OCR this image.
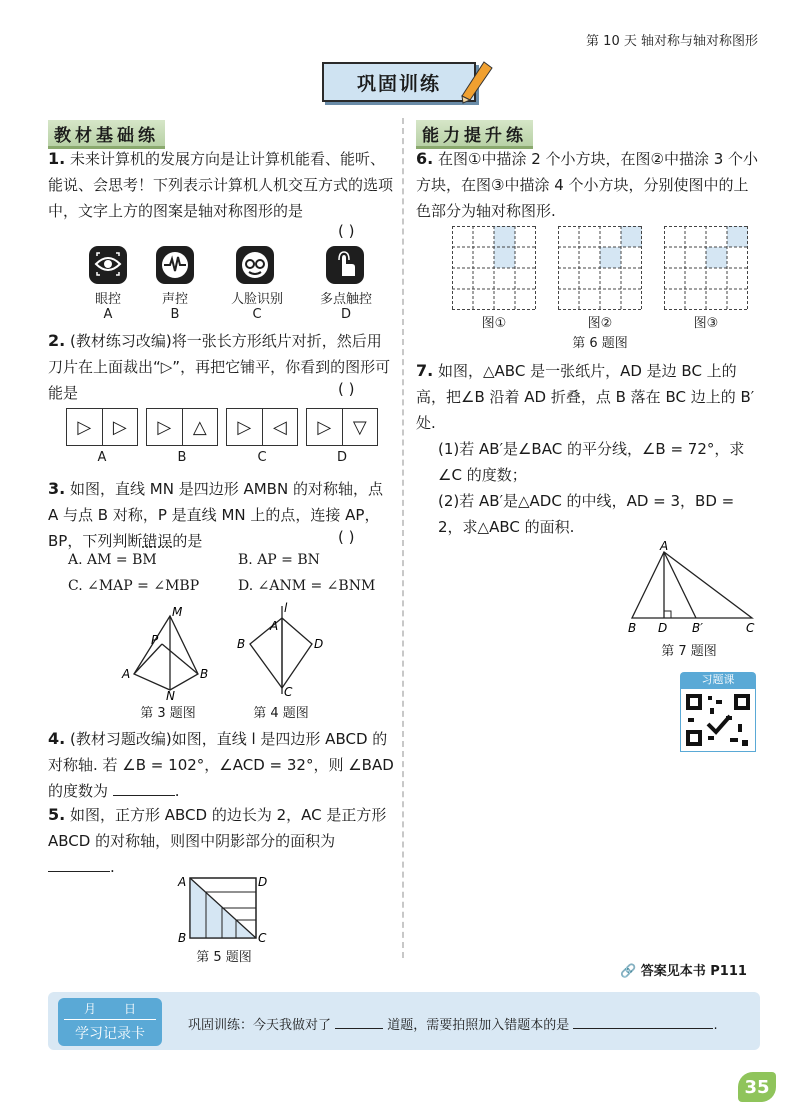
第 10 天 轴对称与轴对称图形
巩固训练
教材基础练	能力提升练
1. 未来计算机的发展方向是让计算机能看、能听、能说、会思考！下列表示计算机人机交互方式的选项中，文字上方的图案是轴对称图形的是
( )
眼控
A
声控
B
人脸识别
C
多点触控
D
2. (教材练习改编)将一张长方形纸片对折，然后用刀片在上面裁出“▷”，再把它铺平，你看到的图形可能是	( )
▷	▷
A
▷	△
B
▷	◁
C
▷	▽
D
3. 如图，直线 MN 是四边形 AMBN 的对称轴，点 A 与点 B 对称，P 是直线 MN 上的点，连接 AP，BP，下列判断错误的是	( )
A. AM = BM	B. AP = BN
C. ∠MAP = ∠MBP	D. ∠ANM = ∠BNM
M
P
A	B
N
第 3 题图
l
A
B	D
C
第 4 题图
4. (教材习题改编)如图，直线 l 是四边形 ABCD 的对称轴. 若 ∠B = 102°，∠ACD = 32°，则 ∠BAD 的度数为	.
5. 如图，正方形 ABCD 的边长为 2，AC 是正方形 ABCD 的对称轴，则图中阴影部分的面积为 .
A	D
B	C
第 5 题图
6. 在图①中描涂 2 个小方块，在图②中描涂 3 个小方块，在图③中描涂 4 个小方块，分别使图中的上色部分为轴对称图形.
图①	图②	图③
第 6 题图
7. 如图，△ABC 是一张纸片，AD 是边 BC 上的高，把∠B 沿着 AD 折叠，点 B 落在 BC 边上的 B′处.
(1)若 AB′是∠BAC 的平分线，∠B = 72°，求∠C 的度数；
(2)若 AB′是△ADC 的中线，AD = 3，BD = 2，求△ABC 的面积.
A
B D B′	C
第 7 题图
习题课
🔗 答案见本书 P111
月 日
学习记录卡
巩固训练：今天我做对了	道题，需要拍照加入错题本的是	.
35
